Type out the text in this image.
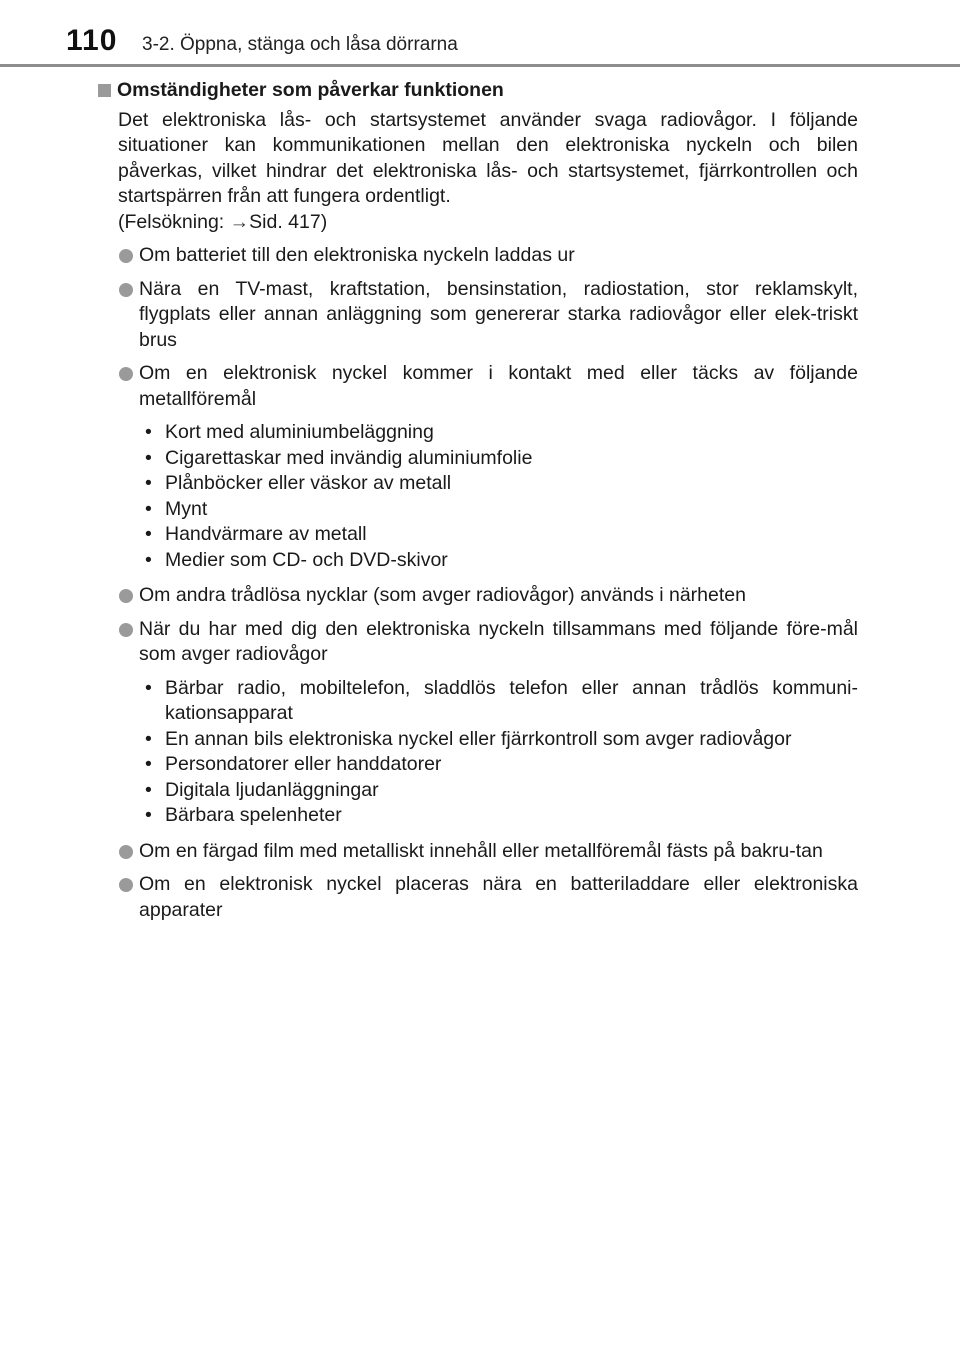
110 3-2. Öppna, stänga och låsa dörrarna
Omständigheter som påverkar funktionen
Det elektroniska lås- och startsystemet använder svaga radiovågor. I följande situationer kan kommunikationen mellan den elektroniska nyckeln och bilen påverkas, vilket hindrar det elektroniska lås- och startsystemet, fjärrkontrollen och startspärren från att fungera ordentligt.
(Felsökning: →Sid. 417)
Om batteriet till den elektroniska nyckeln laddas ur
Nära en TV-mast, kraftstation, bensinstation, radiostation, stor reklamskylt, flygplats eller annan anläggning som genererar starka radiovågor eller elek-triskt brus
Om en elektronisk nyckel kommer i kontakt med eller täcks av följande metallföremål
• Kort med aluminiumbeläggning
• Cigarettaskar med invändig aluminiumfolie
• Plånböcker eller väskor av metall
• Mynt
• Handvärmare av metall
• Medier som CD- och DVD-skivor
Om andra trådlösa nycklar (som avger radiovågor) används i närheten
När du har med dig den elektroniska nyckeln tillsammans med följande före-mål som avger radiovågor
• Bärbar radio, mobiltelefon, sladdlös telefon eller annan trådlös kommuni-kationsapparat
• En annan bils elektroniska nyckel eller fjärrkontroll som avger radiovågor
• Persondatorer eller handdatorer
• Digitala ljudanläggningar
• Bärbara spelenheter
Om en färgad film med metalliskt innehåll eller metallföremål fästs på bakru-tan
Om en elektronisk nyckel placeras nära en batteriladdare eller elektroniska apparater
